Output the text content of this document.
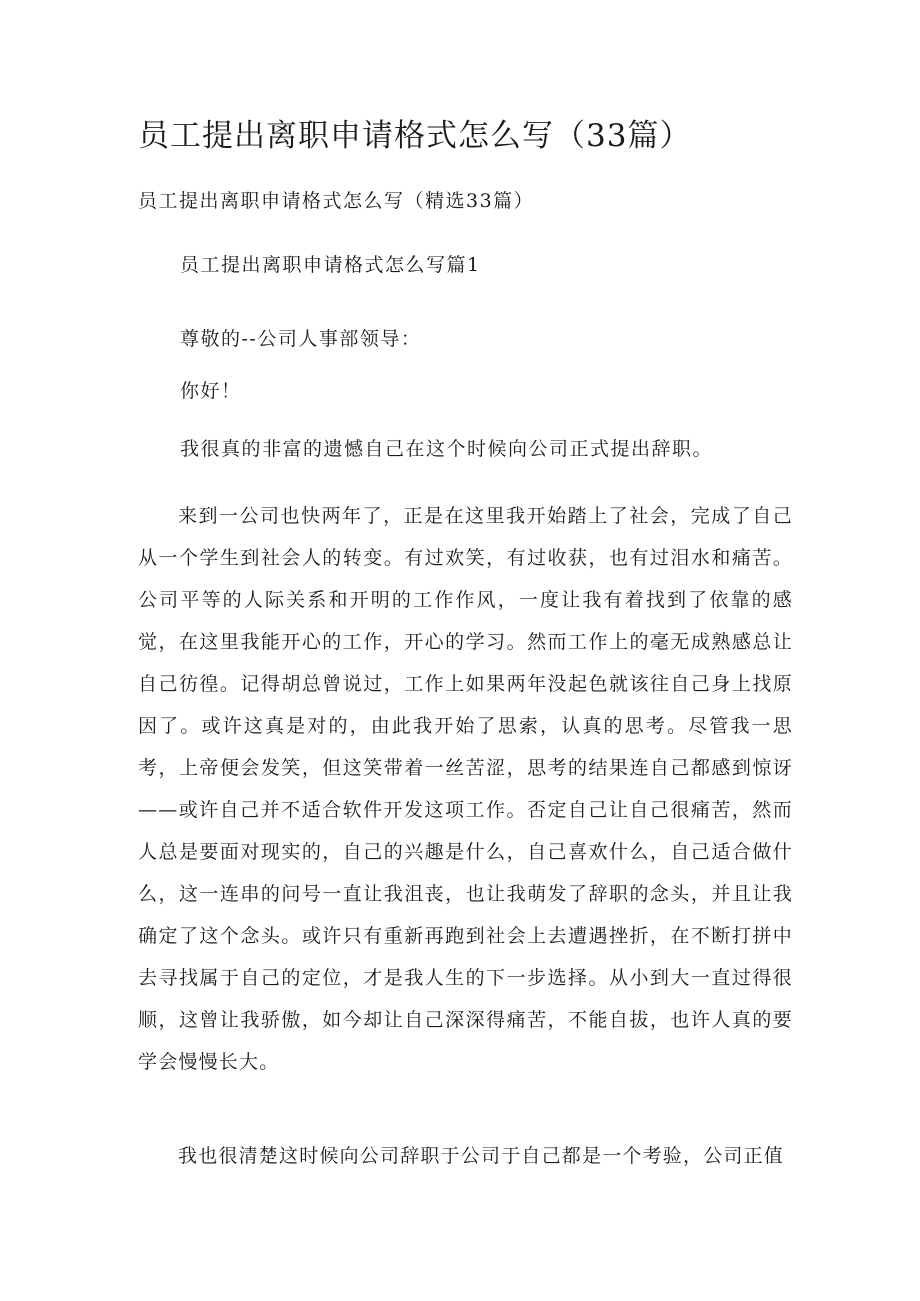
员工提出离职申请格式怎么写（33篇）
员工提出离职申请格式怎么写（精选33篇）
员工提出离职申请格式怎么写篇1
尊敬的--公司人事部领导：
你好！
我很真的非富的遗憾自己在这个时候向公司正式提出辞职。

来到一公司也快两年了，正是在这里我开始踏上了社会，完成了自己从一个学生到社会人的转变。有过欢笑，有过收获，也有过泪水和痛苦。公司平等的人际关系和开明的工作作风，一度让我有着找到了依靠的感觉，在这里我能开心的工作，开心的学习。然而工作上的毫无成熟感总让自己彷徨。记得胡总曾说过，工作上如果两年没起色就该往自己身上找原因了。或许这真是对的，由此我开始了思索，认真的思考。尽管我一思考，上帝便会发笑，但这笑带着一丝苦涩，思考的结果连自己都感到惊讶——或许自己并不适合软件开发这项工作。否定自己让自己很痛苦，然而人总是要面对现实的，自己的兴趣是什么，自己喜欢什么，自己适合做什么，这一连串的问号一直让我沮丧，也让我萌发了辞职的念头，并且让我确定了这个念头。或许只有重新再跑到社会上去遭遇挫折，在不断打拼中去寻找属于自己的定位，才是我人生的下一步选择。从小到大一直过得很顺，这曾让我骄傲，如今却让自己深深得痛苦，不能自拔，也许人真的要学会慢慢长大。

我也很清楚这时候向公司辞职于公司于自己都是一个考验，公司正值
